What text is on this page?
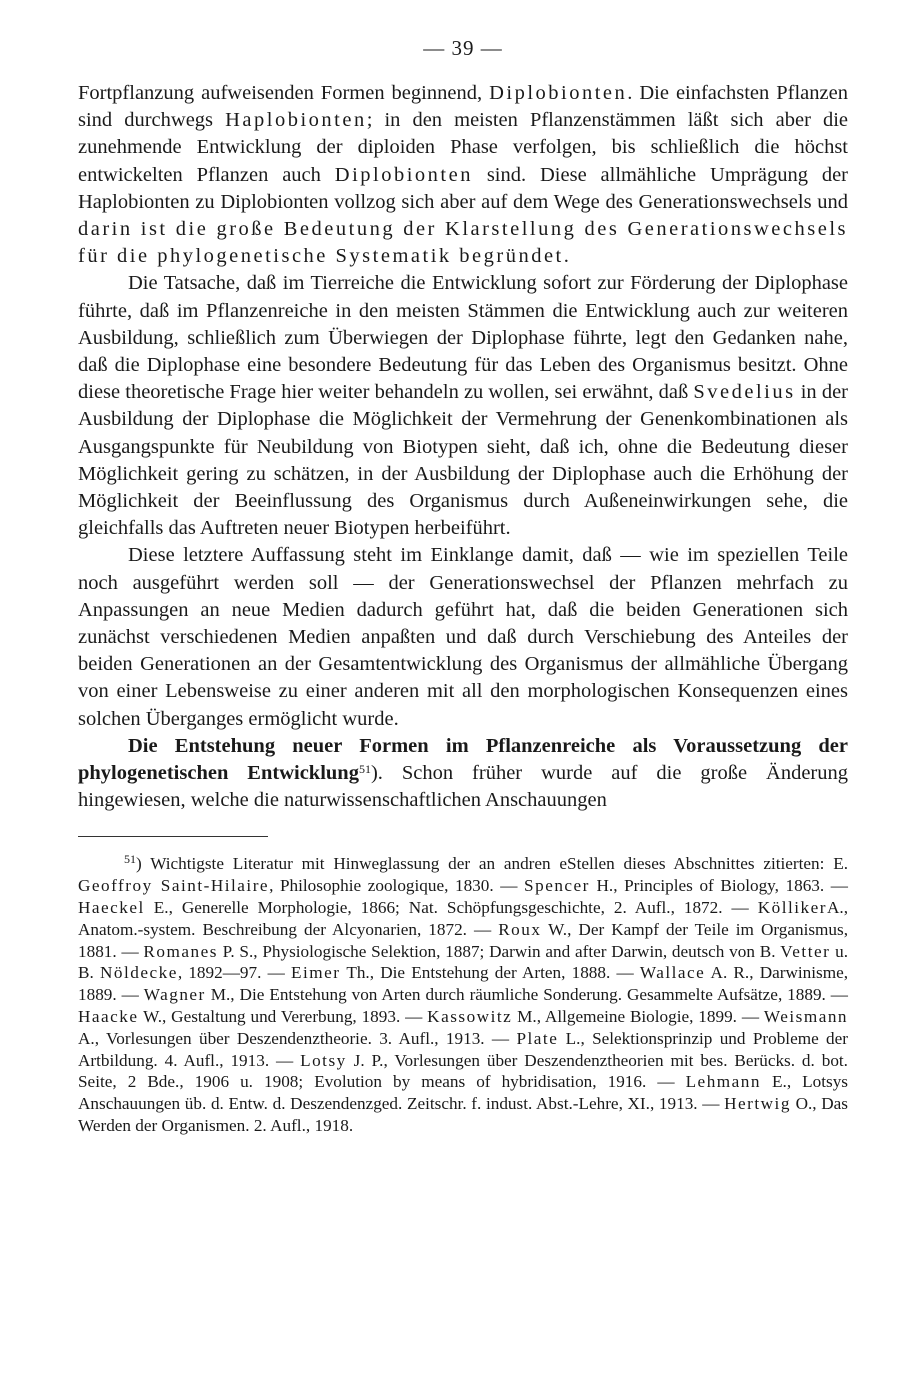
— 39 —

Fortpflanzung aufweisenden Formen beginnend, Diplobionten. Die einfachsten Pflanzen sind durchwegs Haplobionten; in den meisten Pflanzenstämmen läßt sich aber die zunehmende Entwicklung der diploiden Phase verfolgen, bis schließlich die höchst entwickelten Pflanzen auch Diplobionten sind. Diese allmähliche Umprägung der Haplobionten zu Diplobionten vollzog sich aber auf dem Wege des Generationswechsels und darin ist die große Bedeutung der Klarstellung des Generationswechsels für die phylogenetische Systematik begründet.

Die Tatsache, daß im Tierreiche die Entwicklung sofort zur Förderung der Diplophase führte, daß im Pflanzenreiche in den meisten Stämmen die Entwicklung auch zur weiteren Ausbildung, schließlich zum Überwiegen der Diplophase führte, legt den Gedanken nahe, daß die Diplophase eine besondere Bedeutung für das Leben des Organismus besitzt. Ohne diese theoretische Frage hier weiter behandeln zu wollen, sei erwähnt, daß Svedelius in der Ausbildung der Diplophase die Möglichkeit der Vermehrung der Genenkombinationen als Ausgangspunkte für Neubildung von Biotypen sieht, daß ich, ohne die Bedeutung dieser Möglichkeit gering zu schätzen, in der Ausbildung der Diplophase auch die Erhöhung der Möglichkeit der Beeinflussung des Organismus durch Außeneinwirkungen sehe, die gleichfalls das Auftreten neuer Biotypen herbeiführt.

Diese letztere Auffassung steht im Einklange damit, daß — wie im speziellen Teile noch ausgeführt werden soll — der Generationswechsel der Pflanzen mehrfach zu Anpassungen an neue Medien dadurch geführt hat, daß die beiden Generationen sich zunächst verschiedenen Medien anpaßten und daß durch Verschiebung des Anteiles der beiden Generationen an der Gesamtentwicklung des Organismus der allmähliche Übergang von einer Lebensweise zu einer anderen mit all den morphologischen Konsequenzen eines solchen Überganges ermöglicht wurde.

Die Entstehung neuer Formen im Pflanzenreiche als Voraussetzung der phylogenetischen Entwicklung$^{51}$). Schon früher wurde auf die große Änderung hingewiesen, welche die naturwissenschaftlichen Anschauungen

$^{51}$) Wichtigste Literatur mit Hinweglassung der an andren eStellen dieses Abschnittes zitierten: E. Geoffroy Saint-Hilaire, Philosophie zoologique, 1830. — Spencer H., Principles of Biology, 1863. — Haeckel E., Generelle Morphologie, 1866; Nat. Schöpfungsgeschichte, 2. Aufl., 1872. — KöllikerA., Anatom.-system. Beschreibung der Alcyonarien, 1872. — Roux W., Der Kampf der Teile im Organismus, 1881. — Romanes P. S., Physiologische Selektion, 1887; Darwin and after Darwin, deutsch von B. Vetter u. B. Nöldecke, 1892—97. — Eimer Th., Die Entstehung der Arten, 1888. — Wallace A. R., Darwinisme, 1889. — Wagner M., Die Entstehung von Arten durch räumliche Sonderung. Gesammelte Aufsätze, 1889. — Haacke W., Gestaltung und Vererbung, 1893. — Kassowitz M., Allgemeine Biologie, 1899. — Weismann A., Vorlesungen über Deszendenztheorie. 3. Aufl., 1913. — Plate L., Selektionsprinzip und Probleme der Artbildung. 4. Aufl., 1913. — Lotsy J. P., Vorlesungen über Deszendenztheorien mit bes. Berücks. d. bot. Seite, 2 Bde., 1906 u. 1908; Evolution by means of hybridisation, 1916. — Lehmann E., Lotsys Anschauungen üb. d. Entw. d. Deszendenzged. Zeitschr. f. indust. Abst.-Lehre, XI., 1913. — Hertwig O., Das Werden der Organismen. 2. Aufl., 1918.
